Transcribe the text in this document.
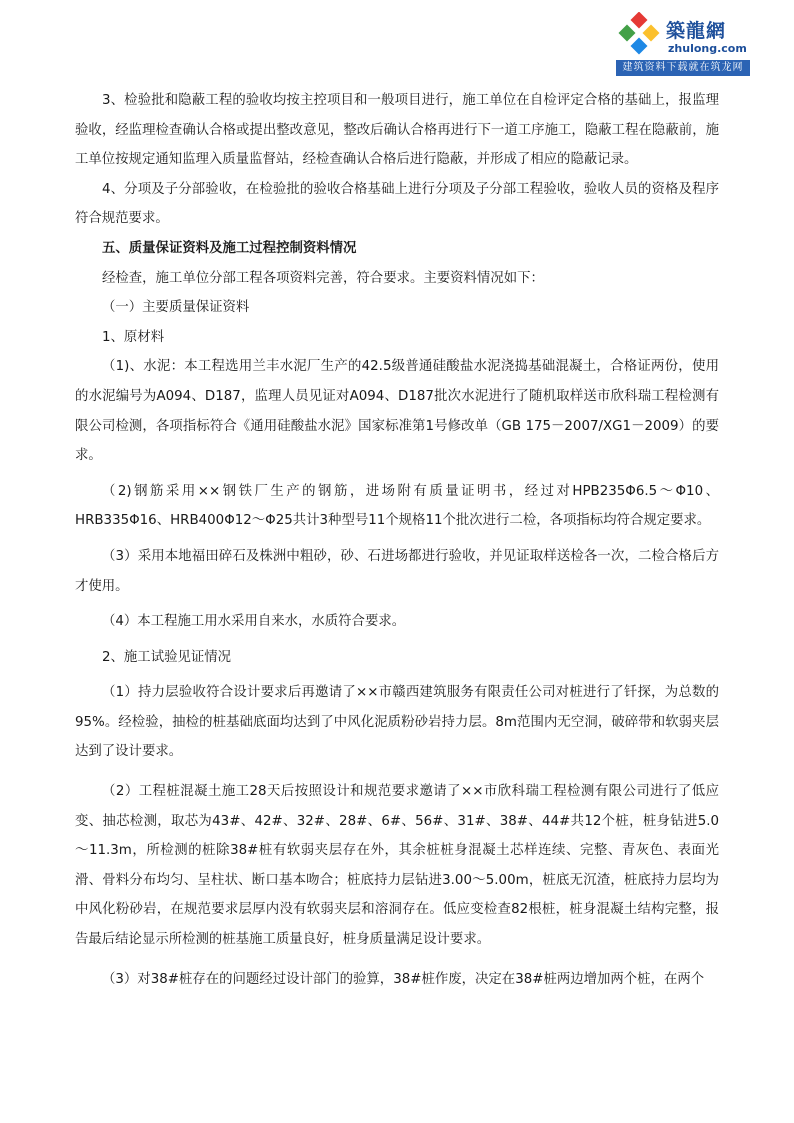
築龍網
zhulong.com
建筑资料下载就在筑龙网

3、检验批和隐蔽工程的验收均按主控项目和一般项目进行，施工单位在自检评定合格的基础上，报监理验收，经监理检查确认合格或提出整改意见，整改后确认合格再进行下一道工序施工，隐蔽工程在隐蔽前，施工单位按规定通知监理入质量监督站，经检查确认合格后进行隐蔽，并形成了相应的隐蔽记录。

4、分项及子分部验收，在检验批的验收合格基础上进行分项及子分部工程验收，验收人员的资格及程序符合规范要求。

五、质量保证资料及施工过程控制资料情况

经检查，施工单位分部工程各项资料完善，符合要求。主要资料情况如下：

（一）主要质量保证资料

1、原材料

（1)、水泥：本工程选用兰丰水泥厂生产的42.5级普通硅酸盐水泥浇捣基础混凝土，合格证两份，使用的水泥编号为A094、D187，监理人员见证对A094、D187批次水泥进行了随机取样送市欣科瑞工程检测有限公司检测，各项指标符合《通用硅酸盐水泥》国家标准第1号修改单（GB 175－2007/XG1－2009）的要求。

（2)钢筋采用××钢铁厂生产的钢筋，进场附有质量证明书，经过对HPB235Φ6.5～Φ10、HRB335Φ16、HRB400Φ12～Φ25共计3种型号11个规格11个批次进行二检，各项指标均符合规定要求。

（3）采用本地福田碎石及株洲中粗砂，砂、石进场都进行验收，并见证取样送检各一次，二检合格后方才使用。

（4）本工程施工用水采用自来水，水质符合要求。

2、施工试验见证情况

（1）持力层验收符合设计要求后再邀请了××市赣西建筑服务有限责任公司对桩进行了钎探，为总数的95%。经检验，抽检的桩基础底面均达到了中风化泥质粉砂岩持力层。8m范围内无空洞，破碎带和软弱夹层达到了设计要求。

（2）工程桩混凝土施工28天后按照设计和规范要求邀请了××市欣科瑞工程检测有限公司进行了低应变、抽芯检测，取芯为43#、42#、32#、28#、6#、56#、31#、38#、44#共12个桩，桩身钻进5.0～11.3m，所检测的桩除38#桩有软弱夹层存在外，其余桩桩身混凝土芯样连续、完整、青灰色、表面光滑、骨料分布均匀、呈柱状、断口基本吻合；桩底持力层钻进3.00～5.00m，桩底无沉渣，桩底持力层均为中风化粉砂岩，在规范要求层厚内没有软弱夹层和溶洞存在。低应变检查82根桩，桩身混凝土结构完整，报告最后结论显示所检测的桩基施工质量良好，桩身质量满足设计要求。

（3）对38#桩存在的问题经过设计部门的验算，38#桩作废，决定在38#桩两边增加两个桩，在两个
